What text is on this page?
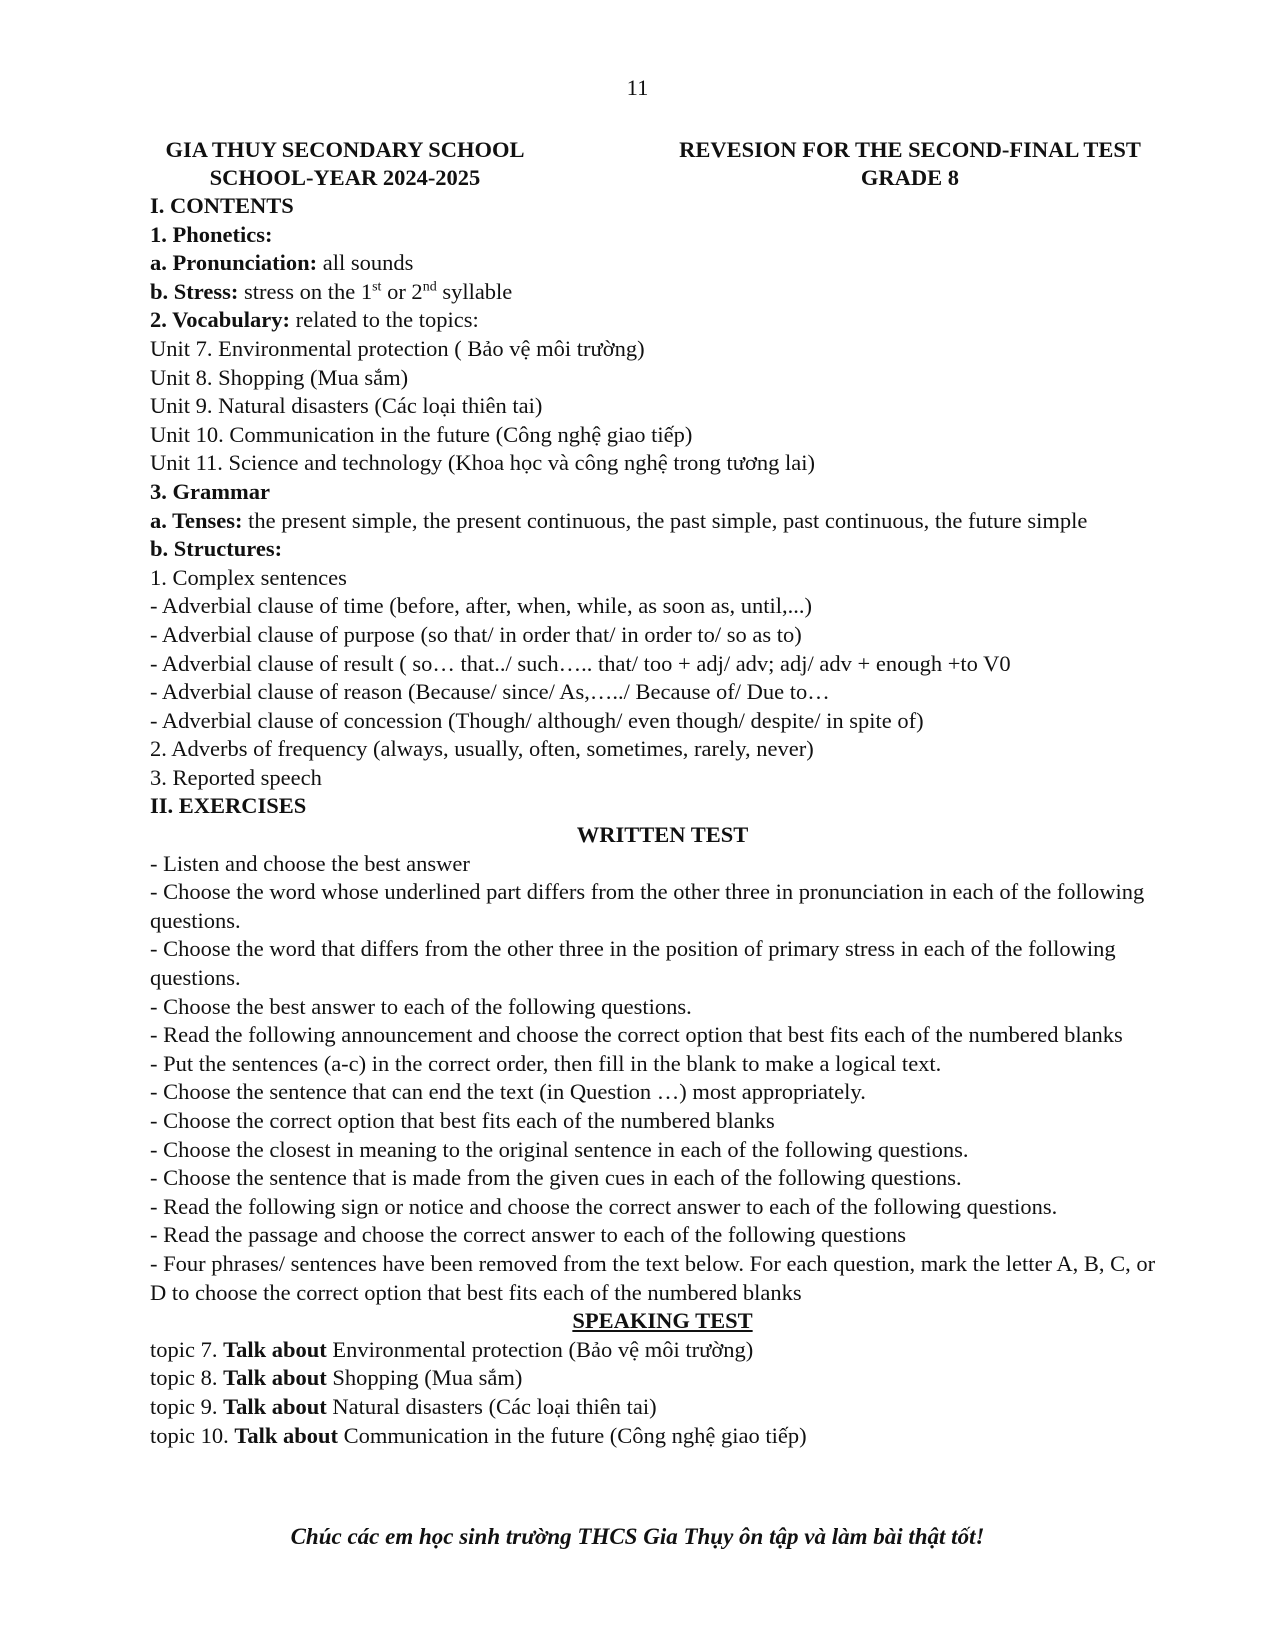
11
GIA THUY SECONDARY SCHOOL
SCHOOL-YEAR 2024-2025
REVESION FOR THE SECOND-FINAL TEST
GRADE 8
I. CONTENTS
1. Phonetics:
a. Pronunciation: all sounds
b. Stress: stress on the 1st or 2nd syllable
2. Vocabulary: related to the topics:
Unit 7. Environmental protection ( Bảo vệ môi trường)
Unit 8. Shopping (Mua sắm)
Unit 9. Natural disasters (Các loại thiên tai)
Unit 10. Communication in the future (Công nghệ giao tiếp)
Unit 11. Science and technology (Khoa học và công nghệ trong tương lai)
3. Grammar
a. Tenses: the present simple, the present continuous, the past simple, past continuous, the future simple
b. Structures:
1. Complex sentences
- Adverbial clause of time (before, after, when, while, as soon as, until,...)
- Adverbial clause of purpose (so that/ in order that/ in order to/ so as to)
- Adverbial clause of result ( so… that../ such….. that/ too + adj/ adv; adj/ adv + enough +to V0
- Adverbial clause of reason (Because/ since/ As,…../ Because of/ Due to…
- Adverbial clause of concession (Though/ although/ even though/ despite/ in spite of)
2. Adverbs of frequency (always, usually, often, sometimes, rarely, never)
3. Reported speech
II. EXERCISES
WRITTEN TEST
- Listen and choose the best answer
- Choose the word whose underlined part differs from the other three in pronunciation in each of the following questions.
- Choose the word that differs from the other three in the position of primary stress in each of the following questions.
- Choose the best answer to each of the following questions.
- Read the following announcement and choose the correct option that best fits each of the numbered blanks
- Put the sentences (a-c) in the correct order, then fill in the blank to make a logical text.
- Choose the sentence that can end the text (in Question …) most appropriately.
- Choose the correct option that best fits each of the numbered blanks
- Choose the closest in meaning to the original sentence in each of the following questions.
- Choose the sentence that is made from the given cues in each of the following questions.
- Read the following sign or notice and choose the correct answer to each of the following questions.
- Read the passage and choose the correct answer to each of the following questions
- Four phrases/ sentences have been removed from the text below. For each question, mark the letter A, B, C, or D to choose the correct option that best fits each of the numbered blanks
SPEAKING TEST
topic 7. Talk about Environmental protection (Bảo vệ môi trường)
topic 8. Talk about Shopping (Mua sắm)
topic 9. Talk about Natural disasters (Các loại thiên tai)
topic 10. Talk about Communication in the future (Công nghệ giao tiếp)
Chúc các em học sinh trường THCS Gia Thụy ôn tập và làm bài thật tốt!
